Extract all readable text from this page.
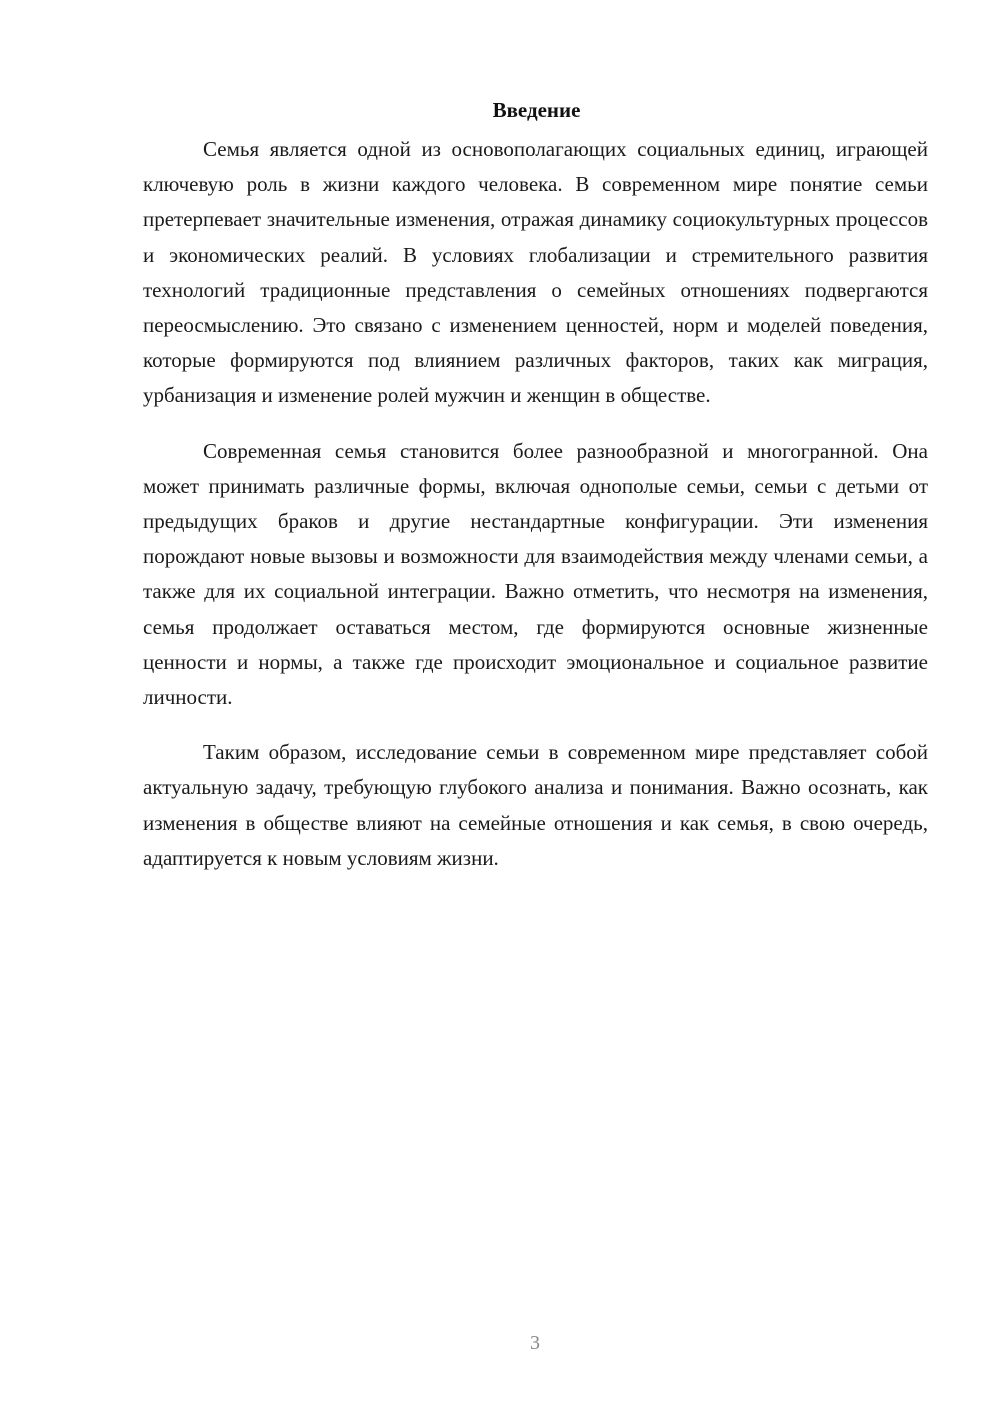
Введение

Семья является одной из основополагающих социальных единиц, играющей ключевую роль в жизни каждого человека. В современном мире понятие семьи претерпевает значительные изменения, отражая динамику социокультурных процессов и экономических реалий. В условиях глобализации и стремительного развития технологий традиционные представления о семейных отношениях подвергаются переосмыслению. Это связано с изменением ценностей, норм и моделей поведения, которые формируются под влиянием различных факторов, таких как миграция, урбанизация и изменение ролей мужчин и женщин в обществе.

Современная семья становится более разнообразной и многогранной. Она может принимать различные формы, включая однополые семьи, семьи с детьми от предыдущих браков и другие нестандартные конфигурации. Эти изменения порождают новые вызовы и возможности для взаимодействия между членами семьи, а также для их социальной интеграции. Важно отметить, что несмотря на изменения, семья продолжает оставаться местом, где формируются основные жизненные ценности и нормы, а также где происходит эмоциональное и социальное развитие личности.

Таким образом, исследование семьи в современном мире представляет собой актуальную задачу, требующую глубокого анализа и понимания. Важно осознать, как изменения в обществе влияют на семейные отношения и как семья, в свою очередь, адаптируется к новым условиям жизни.

3
